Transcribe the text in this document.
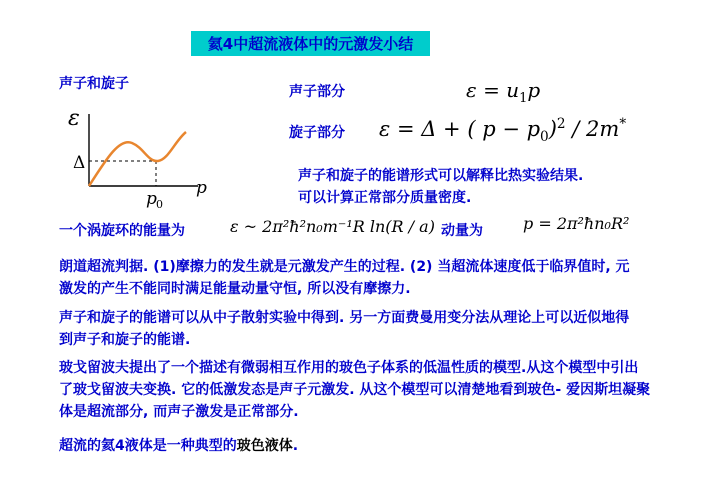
氦4中超流液体中的元激发小结
声子和旋子
ε
Δ
p 0
p
声子部分	$\varepsilon = u_1p$
旋子部分 ε = Δ + ( $p - p_0)^2 / 2m^*$
声子和旋子的能谱形式可以解释比热实验结果.
可以计算正常部分质量密度.
一个涡旋环的能量为	ε ~ 2π²ħ²n₀m⁻¹R ln(R / a) 动量为	p = 2π²ħn₀R²
朗道超流判据. (1)摩擦力的发生就是元激发产生的过程. (2) 当超流体速度低于临界值时, 元激发的产生不能同时满足能量动量守恒, 所以没有摩擦力.
声子和旋子的能谱可以从中子散射实验中得到. 另一方面费曼用变分法从理论上可以近似地得到声子和旋子的能谱.
玻戈留波夫提出了一个描述有微弱相互作用的玻色子体系的低温性质的模型.从这个模型中引出了玻戈留波夫变换. 它的低激发态是声子元激发. 从这个模型可以清楚地看到玻色- 爱因斯坦凝聚体是超流部分, 而声子激发是正常部分.
超流的氦4液体是一种典型的玻色液体.
